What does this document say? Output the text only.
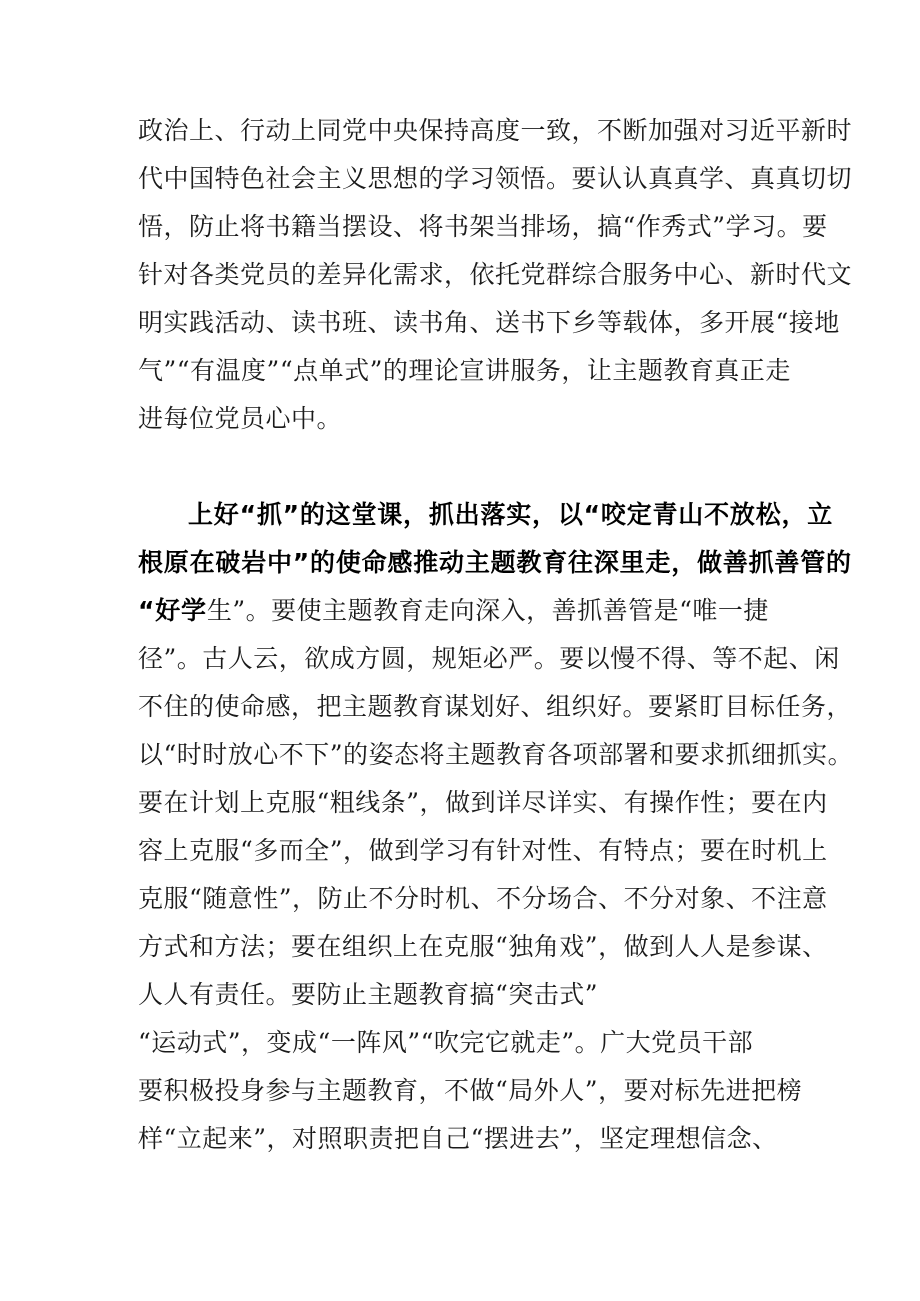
政治上、行动上同党中央保持高度一致，不断加强对习近平新时
代中国特色社会主义思想的学习领悟。要认认真真学、真真切切
悟，防止将书籍当摆设、将书架当排场，搞“作秀式”学习。要
针对各类党员的差异化需求，依托党群综合服务中心、新时代文
明实践活动、读书班、读书角、送书下乡等载体，多开展“接地
气”“有温度”“点单式”的理论宣讲服务，让主题教育真正走
进每位党员心中。
上好“抓”的这堂课，抓出落实，以“咬定青山不放松，立
根原在破岩中”的使命感推动主题教育往深里走，做善抓善管的
“好学生”。要使主题教育走向深入，善抓善管是“唯一捷
径”。古人云，欲成方圆，规矩必严。要以慢不得、等不起、闲
不住的使命感，把主题教育谋划好、组织好。要紧盯目标任务，
以“时时放心不下”的姿态将主题教育各项部署和要求抓细抓实。
要在计划上克服“粗线条”，做到详尽详实、有操作性；要在内
容上克服“多而全”，做到学习有针对性、有特点；要在时机上
克服“随意性”，防止不分时机、不分场合、不分对象、不注意
方式和方法；要在组织上在克服“独角戏”，做到人人是参谋、
人人有责任。要防止主题教育搞“突击式”
“运动式”，变成“一阵风”“吹完它就走”。广大党员干部
要积极投身参与主题教育，不做“局外人”，要对标先进把榜
样“立起来”，对照职责把自己“摆进去”，坚定理想信念、
